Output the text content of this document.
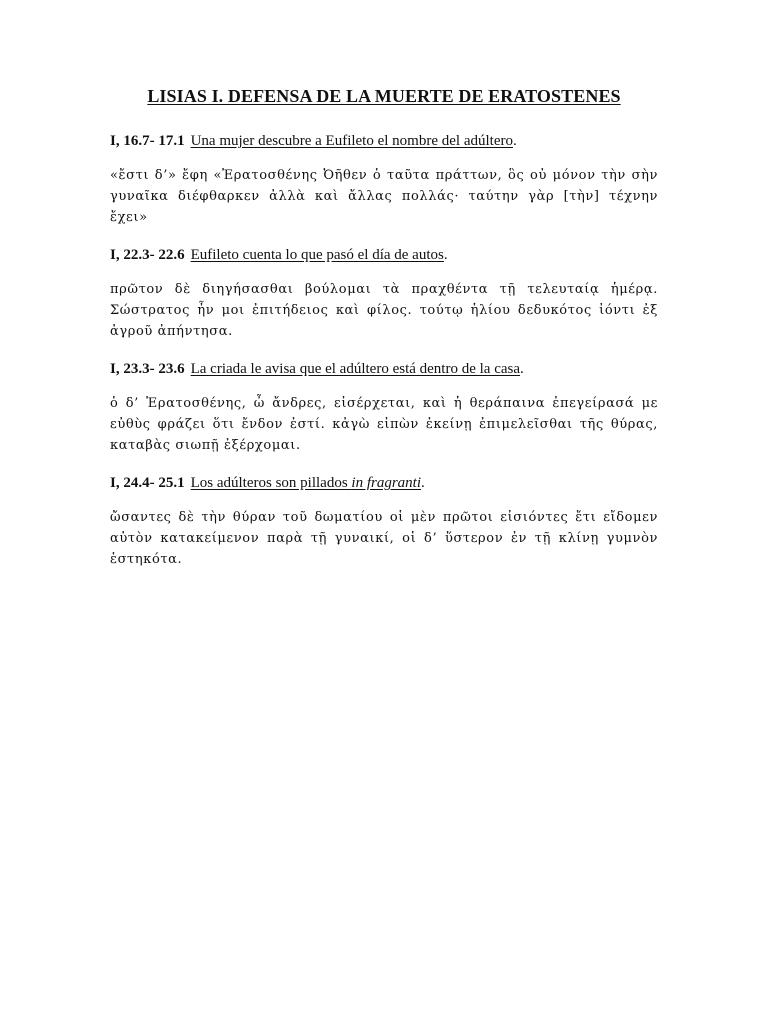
LISIAS I. DEFENSA DE LA MUERTE DE ERATOSTENES

I, 16.7- 17.1 Una mujer descubre a Eufileto el nombre del adúltero.

«ἔστι δ’» ἔφη «Ἐρατοσθένης Ὀῆθεν ὁ ταῦτα πράττων, ὃς οὐ μόνον τὴν σὴν γυναῖκα διέφθαρκεν ἀλλὰ καὶ ἄλλας πολλάς· ταύτην γὰρ [τὴν] τέχνην ἔχει»

I, 22.3- 22.6 Eufileto cuenta lo que pasó el día de autos.

πρῶτον δὲ διηγήσασθαι βούλομαι τὰ πραχθέντα τῇ τελευταίᾳ ἡμέρᾳ. Σώστρατος ἦν μοι ἐπιτήδειος καὶ φίλος. τούτῳ ἡλίου δεδυκότος ἰόντι ἐξ ἀγροῦ ἀπήντησα.

I, 23.3- 23.6 La criada le avisa que el adúltero está dentro de la casa.

ὁ δ’ Ἐρατοσθένης, ὦ ἄνδρες, εἰσέρχεται, καὶ ἡ θεράπαινα ἐπεγείρασά με εὐθὺς φράζει ὅτι ἔνδον ἐστί. κἀγὼ εἰπὼν ἐκείνῃ ἐπιμελεῖσθαι τῆς θύρας, καταβὰς σιωπῇ ἐξέρχομαι.

I, 24.4- 25.1 Los adúlteros son pillados in fragranti.

ὤσαντες δὲ τὴν θύραν τοῦ δωματίου οἱ μὲν πρῶτοι εἰσιόντες ἔτι εἴδομεν αὐτὸν κατακείμενον παρὰ τῇ γυναικί, οἱ δ’ ὕστερον ἐν τῇ κλίνῃ γυμνὸν ἑστηκότα.
